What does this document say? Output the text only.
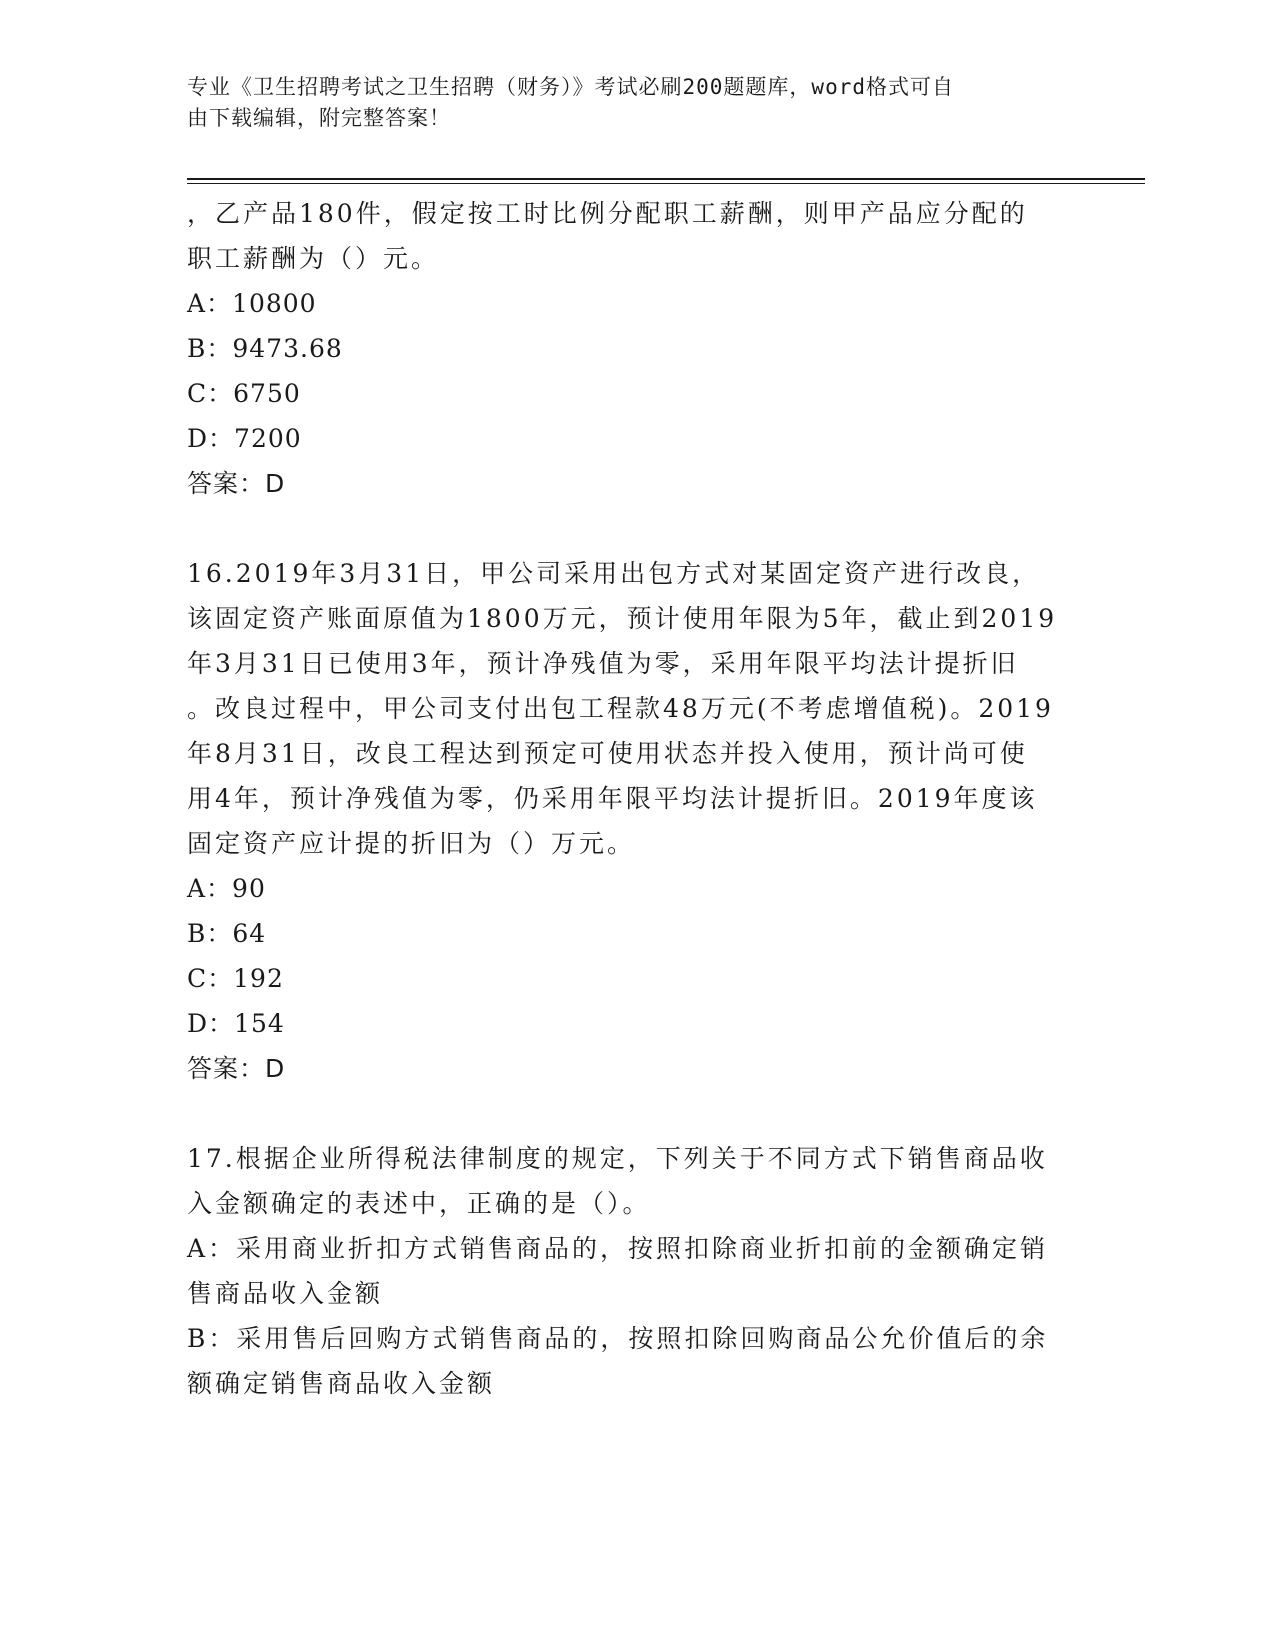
专业《卫生招聘考试之卫生招聘（财务）》考试必刷200题题库，word格式可自
由下载编辑，附完整答案！
，乙产品180件，假定按工时比例分配职工薪酬，则甲产品应分配的
职工薪酬为（）元。
A：10800
B：9473.68
C：6750
D：7200
答案：D
16.2019年3月31日，甲公司采用出包方式对某固定资产进行改良，
该固定资产账面原值为1800万元，预计使用年限为5年，截止到2019
年3月31日已使用3年，预计净残值为零，采用年限平均法计提折旧
。改良过程中，甲公司支付出包工程款48万元(不考虑增值税)。2019
年8月31日，改良工程达到预定可使用状态并投入使用，预计尚可使
用4年，预计净残值为零，仍采用年限平均法计提折旧。2019年度该
固定资产应计提的折旧为（）万元。
A：90
B：64
C：192
D：154
答案：D
17.根据企业所得税法律制度的规定，下列关于不同方式下销售商品收
入金额确定的表述中，正确的是（）。
A：采用商业折扣方式销售商品的，按照扣除商业折扣前的金额确定销
售商品收入金额
B：采用售后回购方式销售商品的，按照扣除回购商品公允价值后的余
额确定销售商品收入金额
